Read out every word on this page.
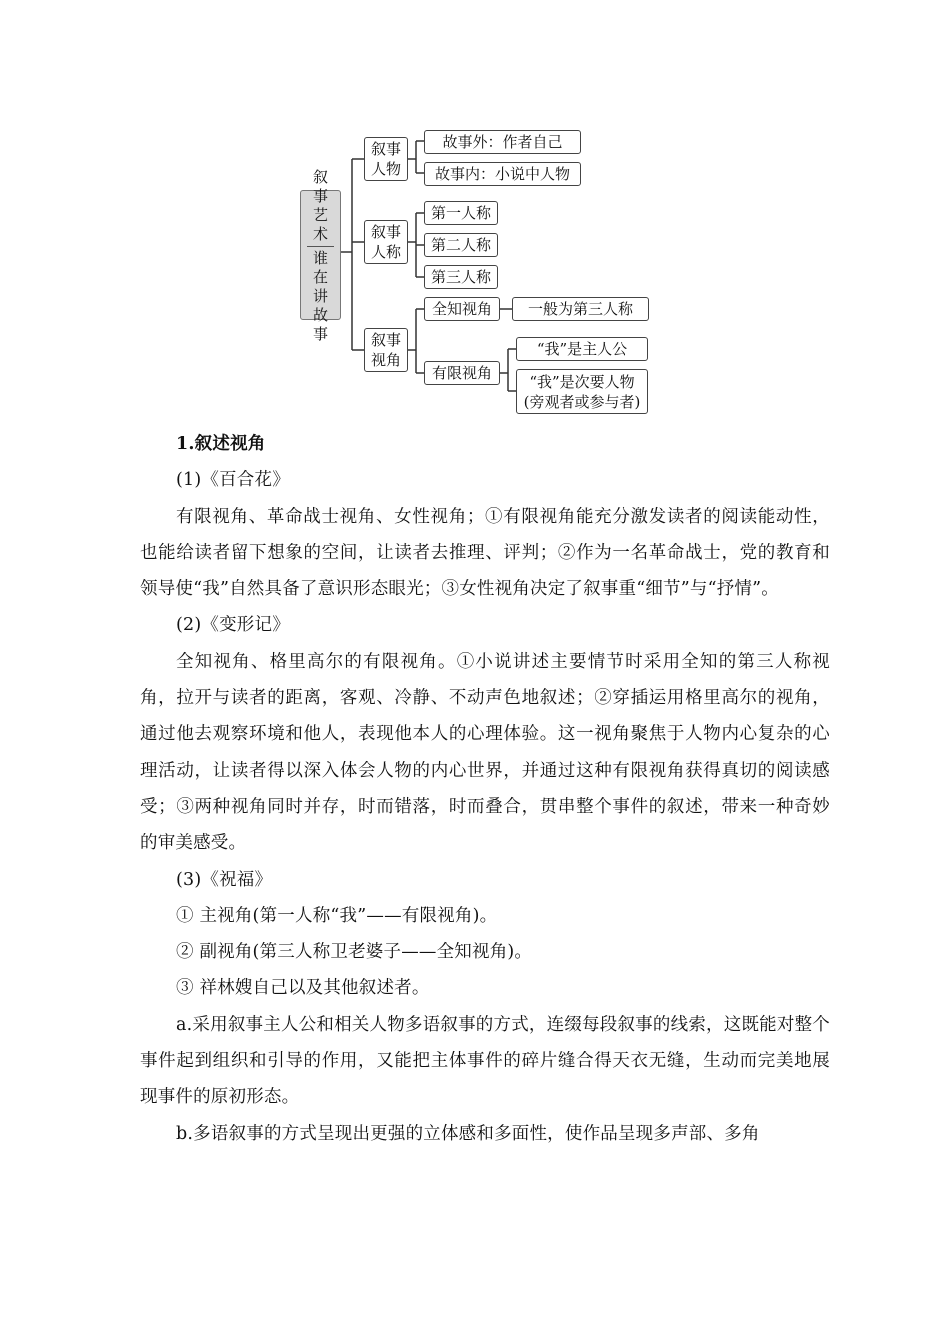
叙事艺术
谁在讲故事
叙事
人物
故事外：作者自己
故事内：小说中人物
叙事
人称
第一人称
第二人称
第三人称
叙事
视角
全知视角	一般为第三人称
有限视角
“我”是主人公
“我”是次要人物
(旁观者或参与者)

1.叙述视角

(1)《百合花》

有限视角、革命战士视角、女性视角；①有限视角能充分激发读者的阅读能动性，也能给读者留下想象的空间，让读者去推理、评判；②作为一名革命战士，党的教育和领导使“我”自然具备了意识形态眼光；③女性视角决定了叙事重“细节”与“抒情”。

(2)《变形记》

全知视角、格里高尔的有限视角。①小说讲述主要情节时采用全知的第三人称视角，拉开与读者的距离，客观、冷静、不动声色地叙述；②穿插运用格里高尔的视角，通过他去观察环境和他人，表现他本人的心理体验。这一视角聚焦于人物内心复杂的心理活动，让读者得以深入体会人物的内心世界，并通过这种有限视角获得真切的阅读感受；③两种视角同时并存，时而错落，时而叠合，贯串整个事件的叙述，带来一种奇妙的审美感受。

(3)《祝福》

① 主视角(第一人称“我”——有限视角)。

② 副视角(第三人称卫老婆子——全知视角)。

③ 祥林嫂自己以及其他叙述者。

a.采用叙事主人公和相关人物多语叙事的方式，连缀每段叙事的线索，这既能对整个事件起到组织和引导的作用，又能把主体事件的碎片缝合得天衣无缝，生动而完美地展现事件的原初形态。

b.多语叙事的方式呈现出更强的立体感和多面性，使作品呈现多声部、多角
